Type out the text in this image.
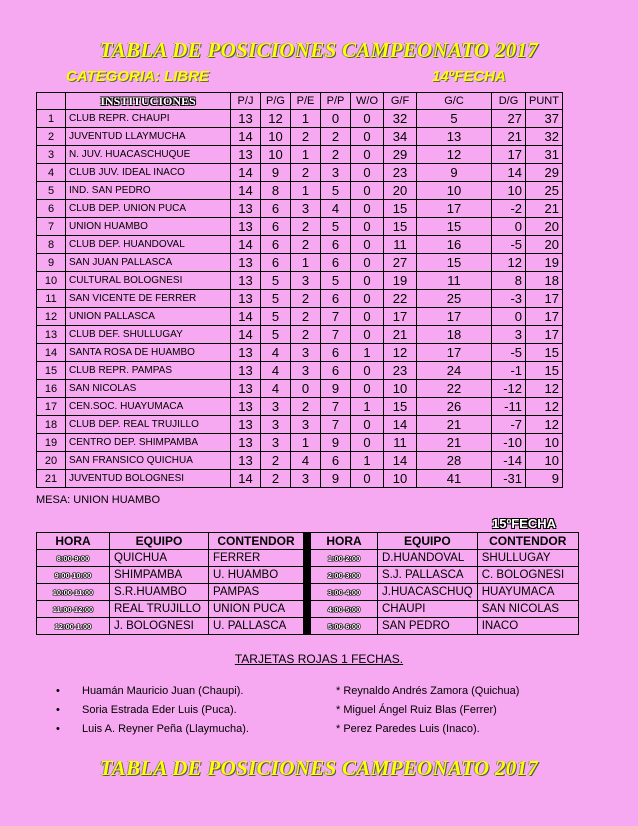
TABLA DE POSICIONES CAMPEONATO 2017
CATEGORIA: LIBRE	14ºFECHA
	INSTITUCIONES	P/J	P/G	P/E	P/P	W/O	G/F	G/C	D/G	PUNT
1	CLUB REPR. CHAUPI	13	12	1	0	0	32	5	27	37
2	JUVENTUD LLAYMUCHA	14	10	2	2	0	34	13	21	32
3	N. JUV. HUACASCHUQUE	13	10	1	2	0	29	12	17	31
4	CLUB JUV. IDEAL INACO	14	9	2	3	0	23	9	14	29
5	IND. SAN PEDRO	14	8	1	5	0	20	10	10	25
6	CLUB DEP. UNION PUCA	13	6	3	4	0	15	17	-2	21
7	UNION HUAMBO	13	6	2	5	0	15	15	0	20
8	CLUB DEP. HUANDOVAL	14	6	2	6	0	11	16	-5	20
9	SAN JUAN PALLASCA	13	6	1	6	0	27	15	12	19
10	CULTURAL BOLOGNESI	13	5	3	5	0	19	11	8	18
11	SAN VICENTE DE FERRER	13	5	2	6	0	22	25	-3	17
12	UNION PALLASCA	14	5	2	7	0	17	17	0	17
13	CLUB DEF. SHULLUGAY	14	5	2	7	0	21	18	3	17
14	SANTA ROSA DE HUAMBO	13	4	3	6	1	12	17	-5	15
15	CLUB REPR. PAMPAS	13	4	3	6	0	23	24	-1	15
16	SAN NICOLAS	13	4	0	9	0	10	22	-12	12
17	CEN.SOC. HUAYUMACA	13	3	2	7	1	15	26	-11	12
18	CLUB DEP. REAL TRUJILLO	13	3	3	7	0	14	21	-7	12
19	CENTRO DEP. SHIMPAMBA	13	3	1	9	0	11	21	-10	10
20	SAN FRANSICO QUICHUA	13	2	4	6	1	14	28	-14	10
21	JUVENTUD BOLOGNESI	14	2	3	9	0	10	41	-31	9
MESA: UNION HUAMBO
15ºFECHA
HORA	EQUIPO	CONTENDOR		HORA	EQUIPO	CONTENDOR
8:00-9:00	QUICHUA	FERRER		1:00-2:00	D.HUANDOVAL	SHULLUGAY
9:00-10:00	SHIMPAMBA	U. HUAMBO		2:00-3:00	S.J. PALLASCA	C. BOLOGNESI
10:00-11:00	S.R.HUAMBO	PAMPAS		3:00-4:00	J.HUACASCHUQ	HUAYUMACA
11:00-12:00	REAL TRUJILLO	UNION PUCA		4:00-5:00	CHAUPI	SAN NICOLAS
12:00-1:00	J. BOLOGNESI	U. PALLASCA		5:00-6:00	SAN PEDRO	INACO
TARJETAS ROJAS 1 FECHAS.
• Huamán Mauricio Juan (Chaupi).
• Soria Estrada Eder Luis (Puca).
• Luis A. Reyner Peña (Llaymucha).
* Reynaldo Andrés Zamora (Quichua)
* Miguel Ángel Ruiz Blas (Ferrer)
* Perez Paredes Luis (Inaco).
TABLA DE POSICIONES CAMPEONATO 2017
